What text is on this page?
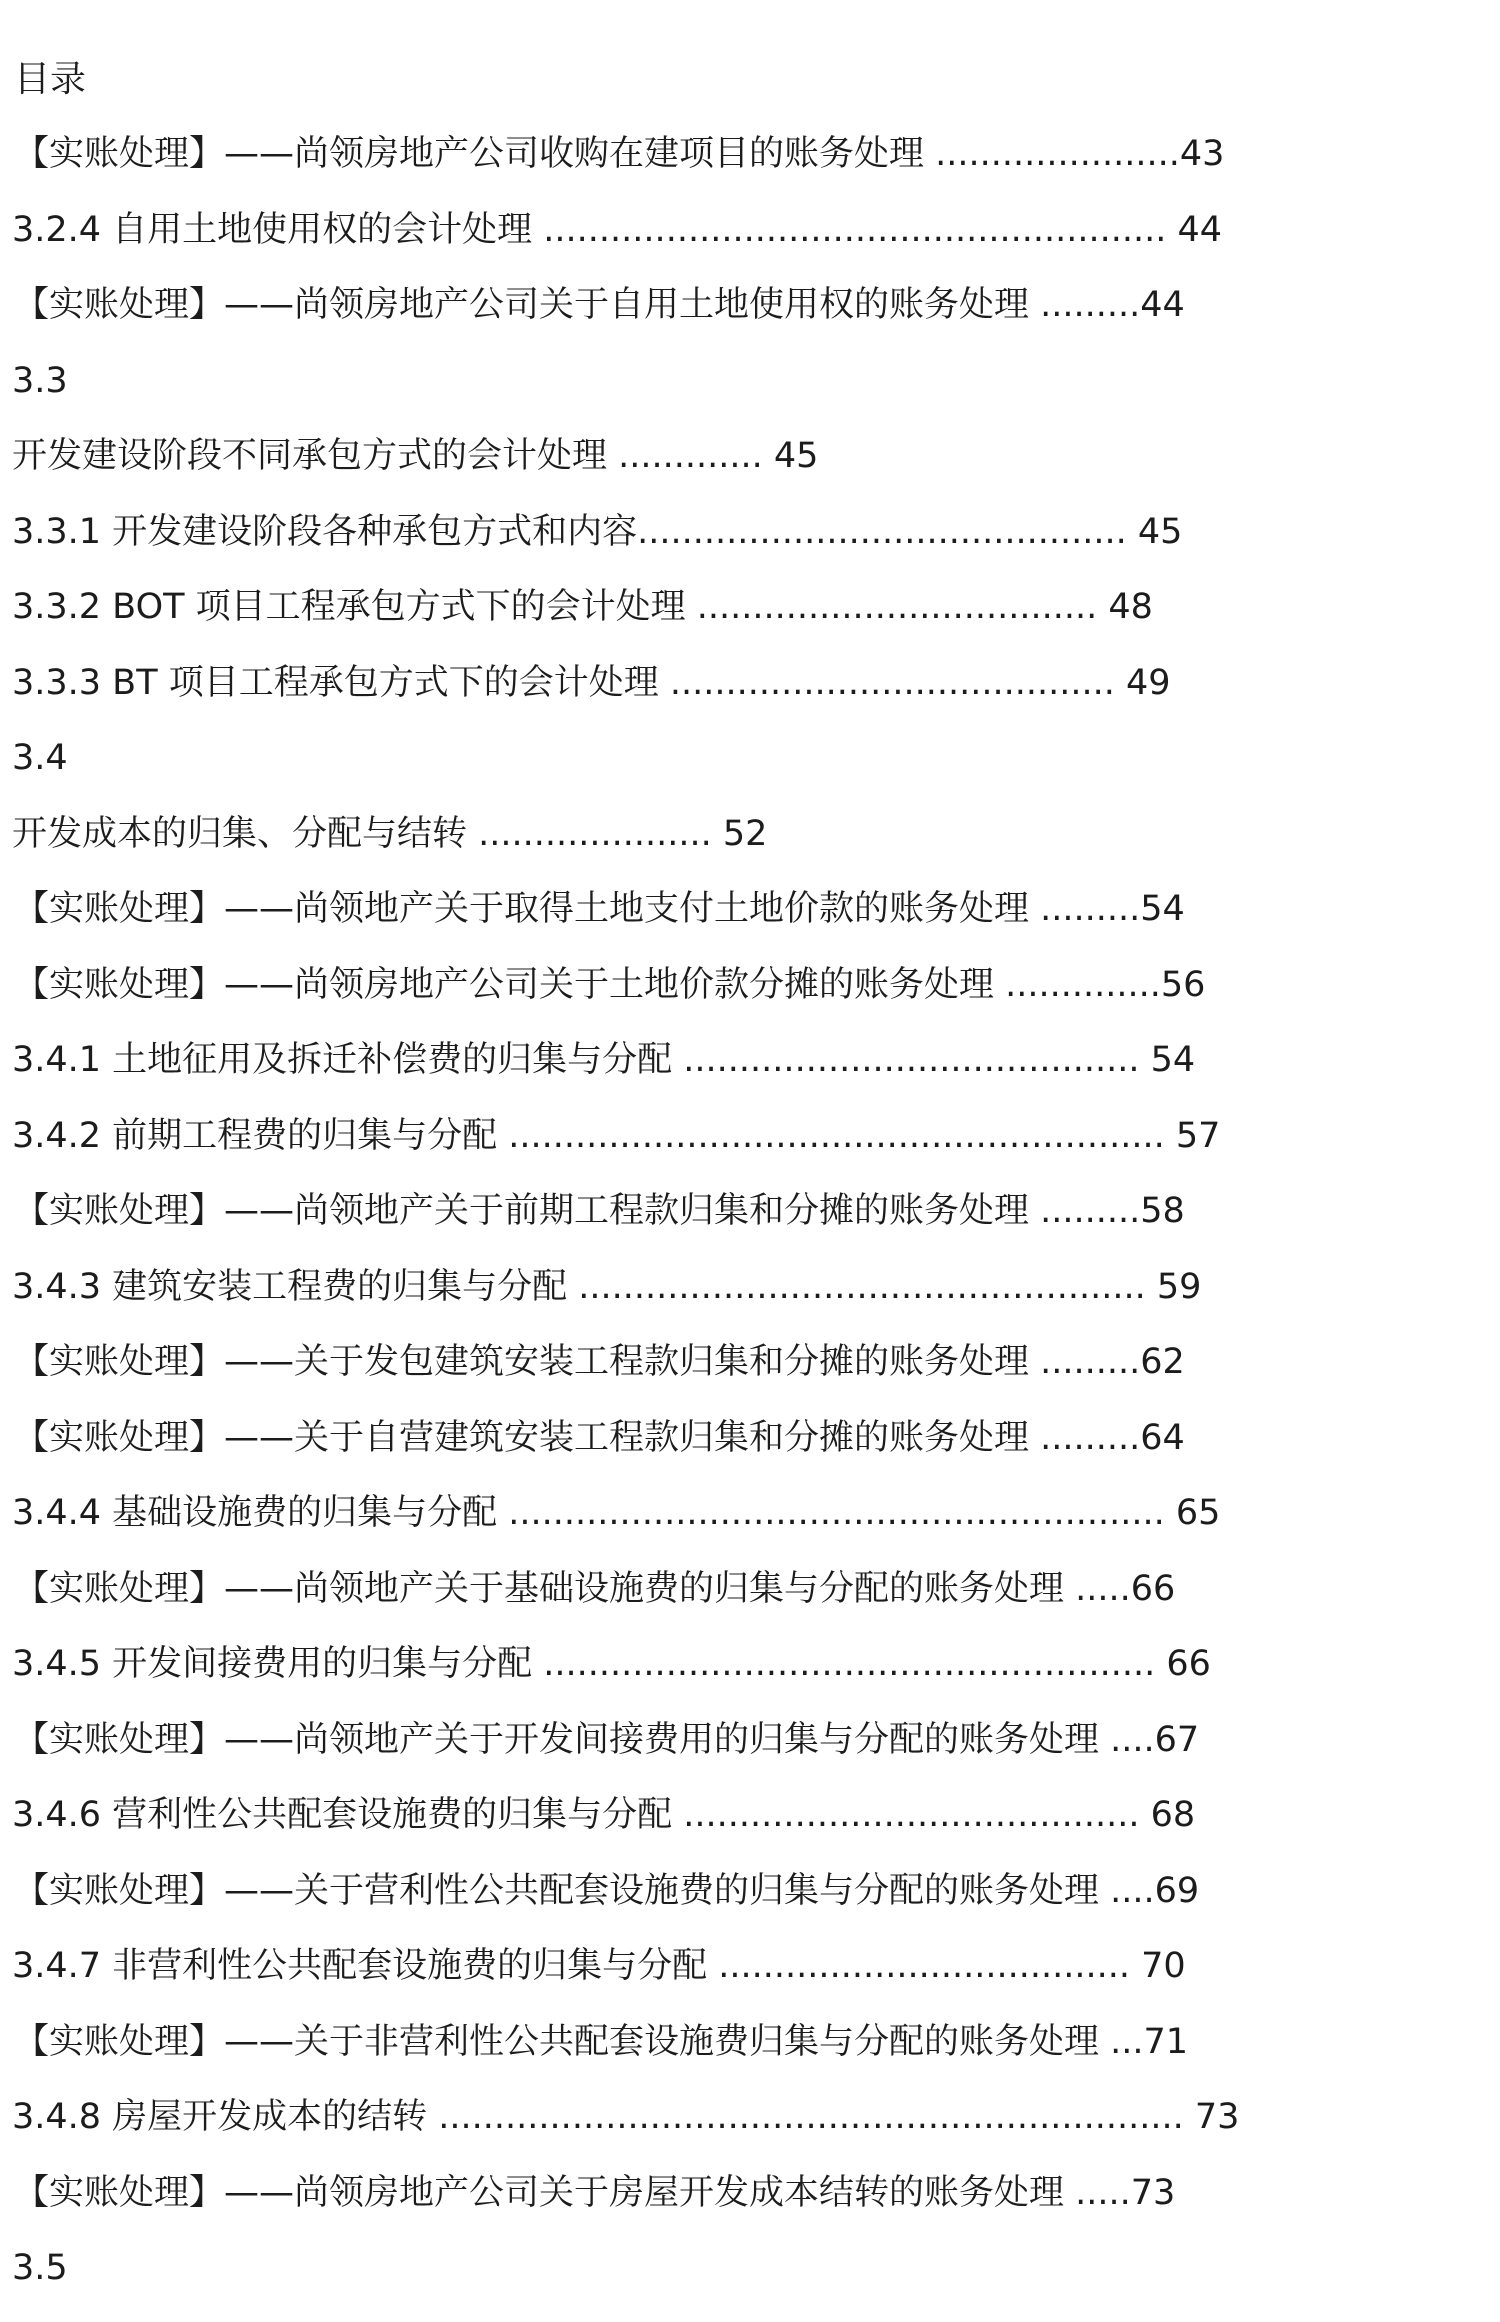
目录
【实账处理】——尚领房地产公司收购在建项目的账务处理 ......................43
3.2.4 自用土地使用权的会计处理 ........................................................ 44
【实账处理】——尚领房地产公司关于自用土地使用权的账务处理 .........44
3.3
开发建设阶段不同承包方式的会计处理 ............. 45
3.3.1 开发建设阶段各种承包方式和内容............................................ 45
3.3.2 BOT 项目工程承包方式下的会计处理 .................................... 48
3.3.3 BT 项目工程承包方式下的会计处理 ........................................ 49
3.4
开发成本的归集、分配与结转 ..................... 52
【实账处理】——尚领地产关于取得土地支付土地价款的账务处理 .........54
【实账处理】——尚领房地产公司关于土地价款分摊的账务处理 ..............56
3.4.1 土地征用及拆迁补偿费的归集与分配 ......................................... 54
3.4.2 前期工程费的归集与分配 ........................................................... 57
【实账处理】——尚领地产关于前期工程款归集和分摊的账务处理 .........58
3.4.3 建筑安装工程费的归集与分配 ................................................... 59
【实账处理】——关于发包建筑安装工程款归集和分摊的账务处理 .........62
【实账处理】——关于自营建筑安装工程款归集和分摊的账务处理 .........64
3.4.4 基础设施费的归集与分配 ........................................................... 65
【实账处理】——尚领地产关于基础设施费的归集与分配的账务处理 .....66
3.4.5 开发间接费用的归集与分配 ....................................................... 66
【实账处理】——尚领地产关于开发间接费用的归集与分配的账务处理 ....67
3.4.6 营利性公共配套设施费的归集与分配 ......................................... 68
【实账处理】——关于营利性公共配套设施费的归集与分配的账务处理 ....69
3.4.7 非营利性公共配套设施费的归集与分配 ..................................... 70
【实账处理】——关于非营利性公共配套设施费归集与分配的账务处理 ...71
3.4.8 房屋开发成本的结转 ................................................................... 73
【实账处理】——尚领房地产公司关于房屋开发成本结转的账务处理 .....73
3.5
